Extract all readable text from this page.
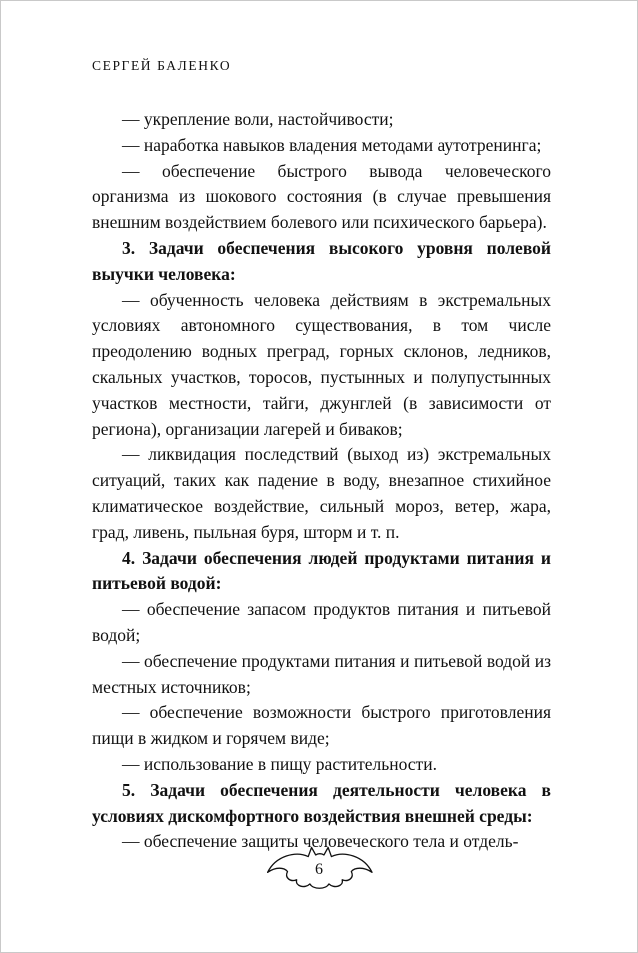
СЕРГЕЙ БАЛЕНКО

— укрепление воли, настойчивости;

— наработка навыков владения методами аутотренинга;

— обеспечение быстрого вывода человеческого организма из шокового состояния (в случае превышения внешним воздействием болевого или психического барьера).

3. Задачи обеспечения высокого уровня полевой выучки человека:

— обученность человека действиям в экстремальных условиях автономного существования, в том числе преодолению водных преград, горных склонов, ледников, скальных участков, торосов, пустынных и полупустынных участков местности, тайги, джунглей (в зависимости от региона), организации лагерей и биваков;

— ликвидация последствий (выход из) экстремальных ситуаций, таких как падение в воду, внезапное стихийное климатическое воздействие, сильный мороз, ветер, жара, град, ливень, пыльная буря, шторм и т. п.

4. Задачи обеспечения людей продуктами питания и питьевой водой:

— обеспечение запасом продуктов питания и питьевой водой;

— обеспечение продуктами питания и питьевой водой из местных источников;

— обеспечение возможности быстрого приготовления пищи в жидком и горячем виде;

— использование в пищу растительности.

5. Задачи обеспечения деятельности человека в условиях дискомфортного воздействия внешней среды:

— обеспечение защиты человеческого тела и отдель-

6
